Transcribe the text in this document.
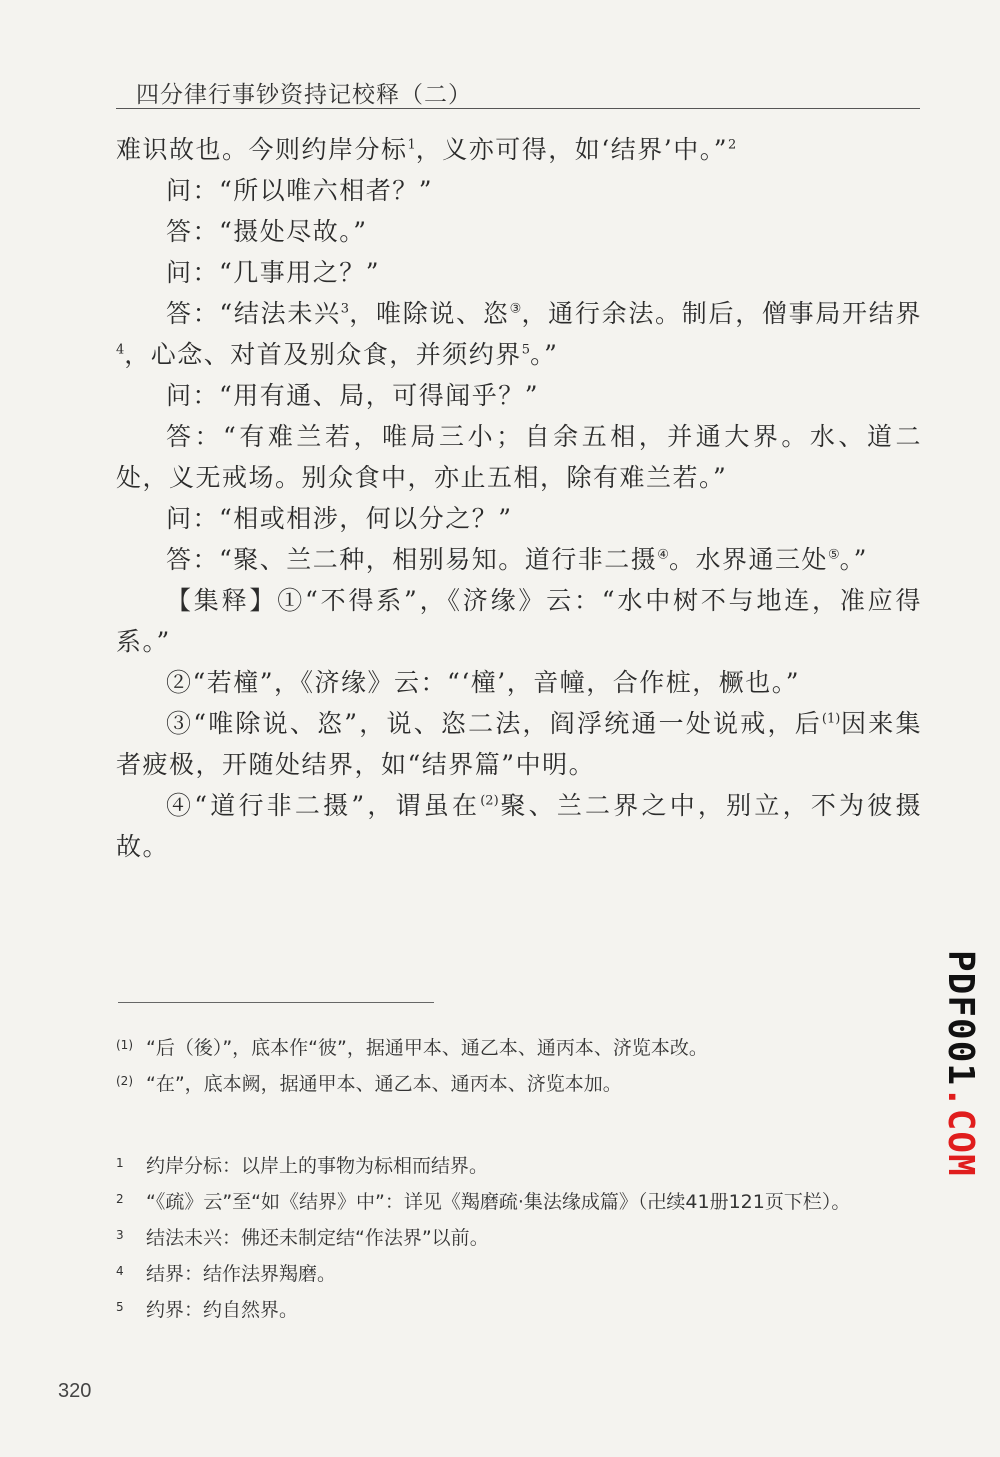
四分律行事钞资持记校释（二）

难识故也。今则约岸分标$^1$，义亦可得，如‘结界’中。”$^2$

问：“所以唯六相者？”

答：“摄处尽故。”

问：“几事用之？”

答：“结法未兴$^3$，唯除说、恣③，通行余法。制后，僧事局开结界$^4$，心念、对首及别众食，并须约界$^5$。”

问：“用有通、局，可得闻乎？”

答：“有难兰若，唯局三小；自余五相，并通大界。水、道二处，义无戒场。别众食中，亦止五相，除有难兰若。”

问：“相或相涉，何以分之？”

答：“聚、兰二种，相别易知。道行非二摄④。水界通三处⑤。”

【集释】①“不得系”，《济缘》云：“水中树不与地连，准应得系。”

②“若橦”，《济缘》云：“‘橦’，音幢，合作桩，橛也。”

③“唯除说、恣”，说、恣二法，阎浮统通一处说戒，后$^{(1)}$因来集者疲极，开随处结界，如“结界篇”中明。

④“道行非二摄”，谓虽在$^{(2)}$聚、兰二界之中，别立，不为彼摄故。

(1) “后（後）”，底本作“彼”，据通甲本、通乙本、通丙本、济览本改。
(2) “在”，底本阙，据通甲本、通乙本、通丙本、济览本加。
1	约岸分标：以岸上的事物为标相而结界。
2	“《疏》云”至“如《结界》中”：详见《羯磨疏·集法缘成篇》（卍续41册121页下栏）。
3	结法未兴：佛还未制定结“作法界”以前。
4	结界：结作法界羯磨。
5	约界：约自然界。
320
PDF001.COM
